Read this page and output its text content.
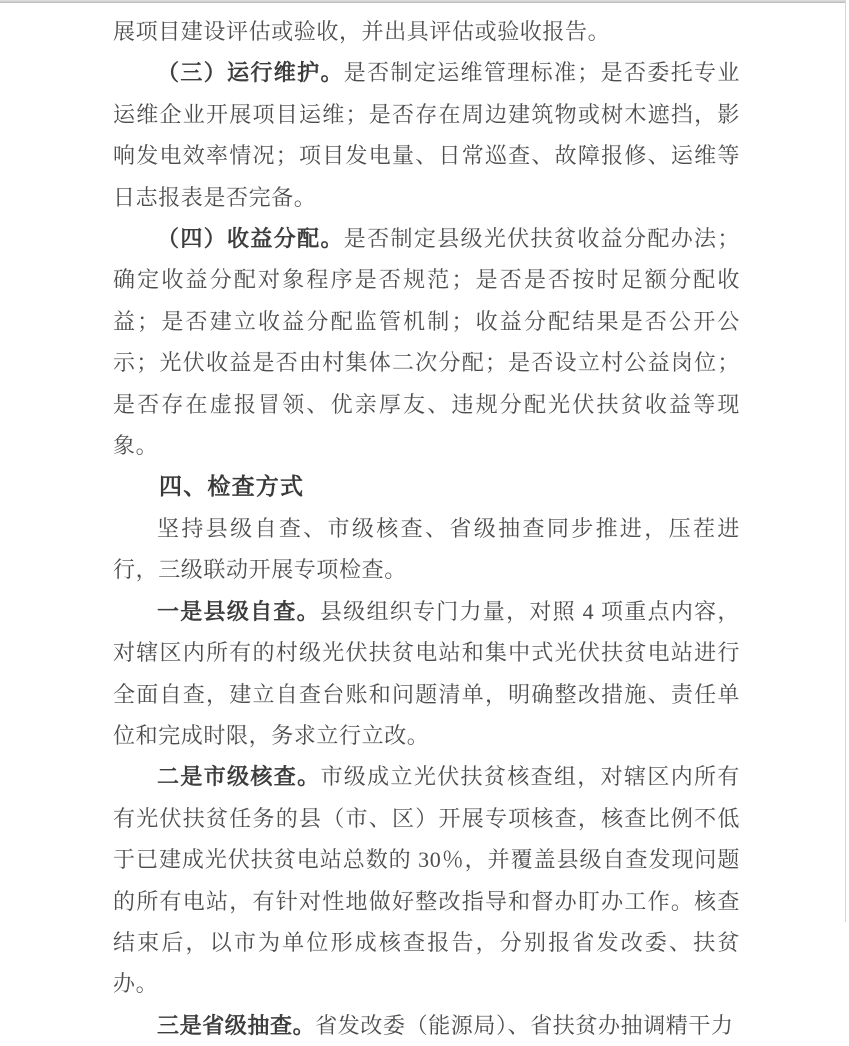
展项目建设评估或验收，并出具评估或验收报告。

（三）运行维护。是否制定运维管理标准；是否委托专业运维企业开展项目运维；是否存在周边建筑物或树木遮挡，影响发电效率情况；项目发电量、日常巡查、故障报修、运维等日志报表是否完备。

（四）收益分配。是否制定县级光伏扶贫收益分配办法；确定收益分配对象程序是否规范；是否是否按时足额分配收益；是否建立收益分配监管机制；收益分配结果是否公开公示；光伏收益是否由村集体二次分配；是否设立村公益岗位；是否存在虚报冒领、优亲厚友、违规分配光伏扶贫收益等现象。

四、检查方式

坚持县级自查、市级核查、省级抽查同步推进，压茬进行，三级联动开展专项检查。

一是县级自查。县级组织专门力量，对照 4 项重点内容，对辖区内所有的村级光伏扶贫电站和集中式光伏扶贫电站进行全面自查，建立自查台账和问题清单，明确整改措施、责任单位和完成时限，务求立行立改。

二是市级核查。市级成立光伏扶贫核查组，对辖区内所有有光伏扶贫任务的县（市、区）开展专项核查，核查比例不低于已建成光伏扶贫电站总数的 30％，并覆盖县级自查发现问题的所有电站，有针对性地做好整改指导和督办盯办工作。核查结束后，以市为单位形成核查报告，分别报省发改委、扶贫办。

三是省级抽查。省发改委（能源局）、省扶贫办抽调精干力
